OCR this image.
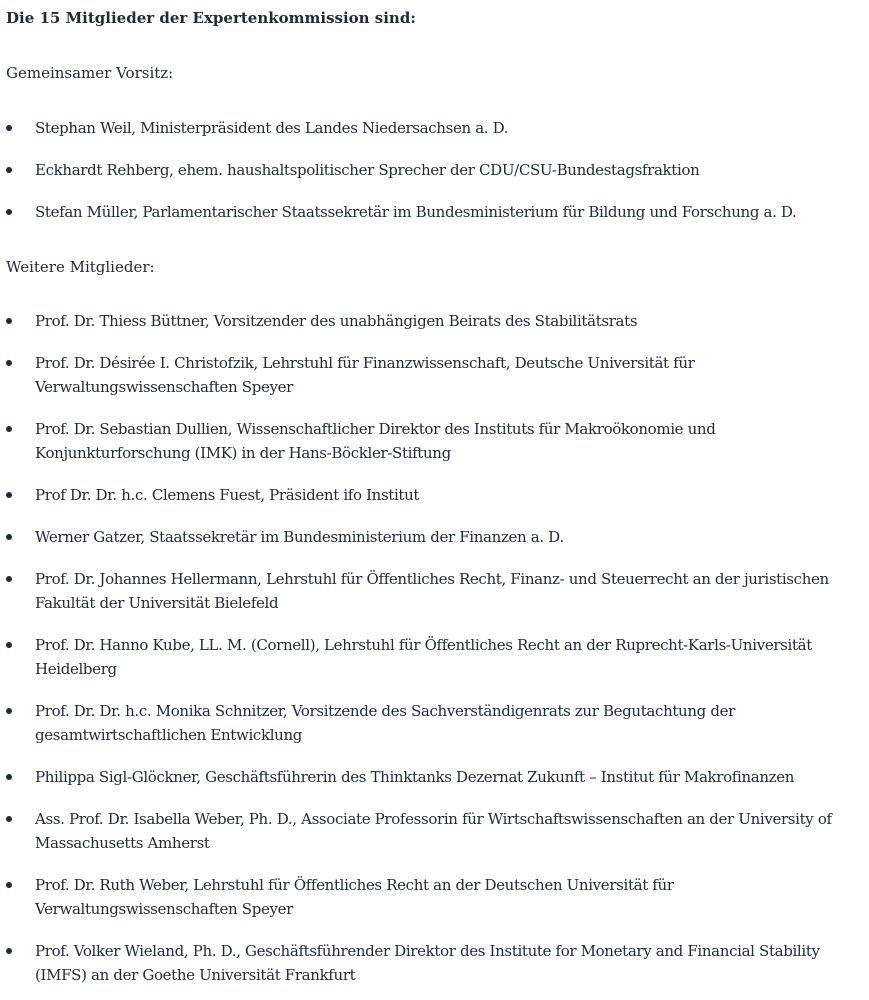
Die 15 Mitglieder der Expertenkommission sind:
Gemeinsamer Vorsitz:
Stephan Weil, Ministerpräsident des Landes Niedersachsen a. D.
Eckhardt Rehberg, ehem. haushaltspolitischer Sprecher der CDU/CSU-Bundestagsfraktion
Stefan Müller, Parlamentarischer Staatssekretär im Bundesministerium für Bildung und Forschung a. D.
Weitere Mitglieder:
Prof. Dr. Thiess Büttner, Vorsitzender des unabhängigen Beirats des Stabilitätsrats
Prof. Dr. Désirée I. Christofzik, Lehrstuhl für Finanzwissenschaft, Deutsche Universität für Verwaltungswissenschaften Speyer
Prof. Dr. Sebastian Dullien, Wissenschaftlicher Direktor des Instituts für Makroökonomie und Konjunkturforschung (IMK) in der Hans-Böckler-Stiftung
Prof Dr. Dr. h.c. Clemens Fuest, Präsident ifo Institut
Werner Gatzer, Staatssekretär im Bundesministerium der Finanzen a. D.
Prof. Dr. Johannes Hellermann, Lehrstuhl für Öffentliches Recht, Finanz- und Steuerrecht an der juristischen Fakultät der Universität Bielefeld
Prof. Dr. Hanno Kube, LL. M. (Cornell), Lehrstuhl für Öffentliches Recht an der Ruprecht-Karls-Universität Heidelberg
Prof. Dr. Dr. h.c. Monika Schnitzer, Vorsitzende des Sachverständigenrats zur Begutachtung der gesamtwirtschaftlichen Entwicklung
Philippa Sigl-Glöckner, Geschäftsführerin des Thinktanks Dezernat Zukunft – Institut für Makrofinanzen
Ass. Prof. Dr. Isabella Weber, Ph. D., Associate Professorin für Wirtschaftswissenschaften an der University of Massachusetts Amherst
Prof. Dr. Ruth Weber, Lehrstuhl für Öffentliches Recht an der Deutschen Universität für Verwaltungswissenschaften Speyer
Prof. Volker Wieland, Ph. D., Geschäftsführender Direktor des Institute for Monetary and Financial Stability (IMFS) an der Goethe Universität Frankfurt
